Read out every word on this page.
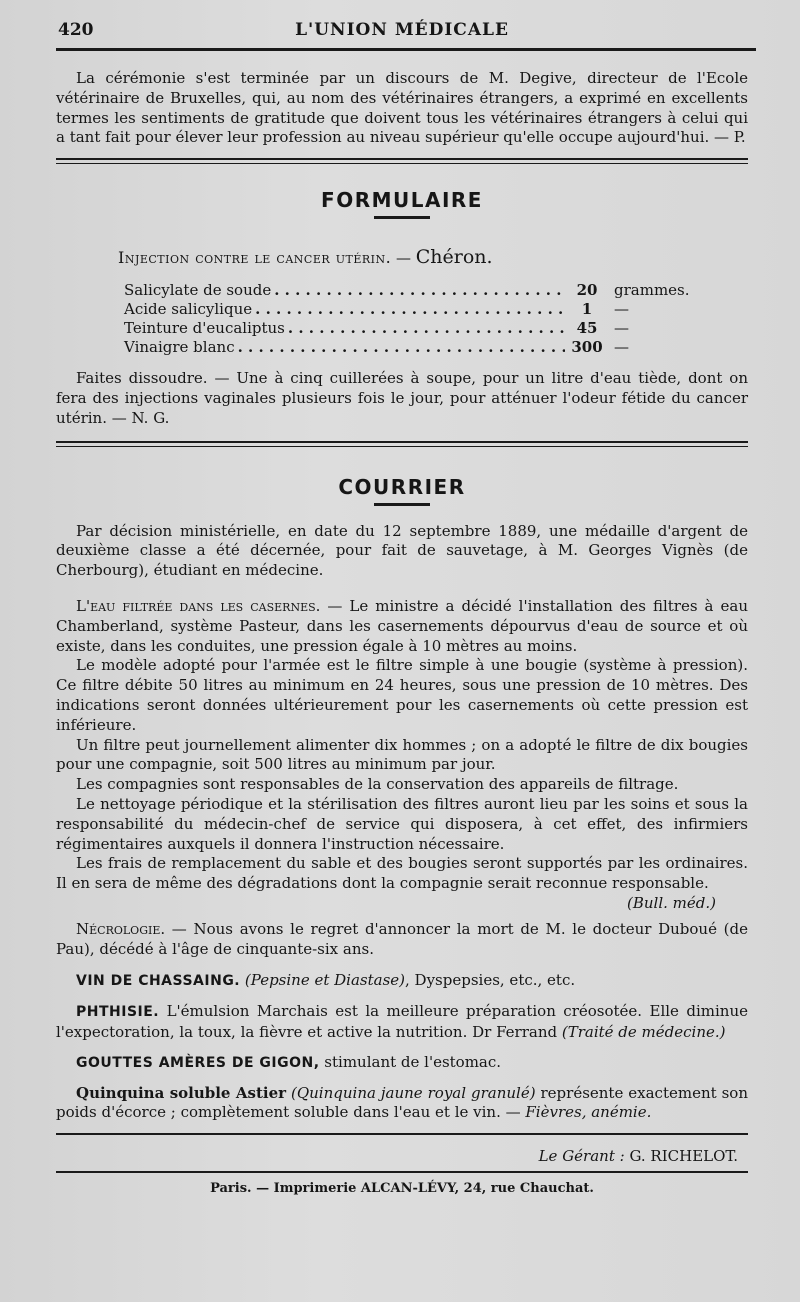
420	L'UNION MÉDICALE

La cérémonie s'est terminée par un discours de M. Degive, directeur de l'Ecole vétérinaire de Bruxelles, qui, au nom des vétérinaires étrangers, a exprimé en excellents termes les sentiments de gratitude que doivent tous les vétérinaires étrangers à celui qui a tant fait pour élever leur profession au niveau supérieur qu'elle occupe aujourd'hui. — P.

FORMULAIRE
Injection contre le cancer utérin. — Chéron.
Salicylate de soude . . .	20	grammes.
Acide salicylique . . .	1	—
Teinture d'eucaliptus . . .	45	—
Vinaigre blanc . . .	300 —

Faites dissoudre. — Une à cinq cuillerées à soupe, pour un litre d'eau tiède, dont on fera des injections vaginales plusieurs fois le jour, pour atténuer l'odeur fétide du cancer utérin. — N. G.

COURRIER

Par décision ministérielle, en date du 12 septembre 1889, une médaille d'argent de deuxième classe a été décernée, pour fait de sauvetage, à M. Georges Vignès (de Cherbourg), étudiant en médecine.

L'eau filtrée dans les casernes. — Le ministre a décidé l'installation des filtres à eau Chamberland, système Pasteur, dans les casernements dépourvus d'eau de source et où existe, dans les conduites, une pression égale à 10 mètres au moins.

Le modèle adopté pour l'armée est le filtre simple à une bougie (système à pression). Ce filtre débite 50 litres au minimum en 24 heures, sous une pression de 10 mètres. Des indications seront données ultérieurement pour les casernements où cette pression est inférieure.

Un filtre peut journellement alimenter dix hommes ; on a adopté le filtre de dix bougies pour une compagnie, soit 500 litres au minimum par jour.

Les compagnies sont responsables de la conservation des appareils de filtrage.

Le nettoyage périodique et la stérilisation des filtres auront lieu par les soins et sous la responsabilité du médecin-chef de service qui disposera, à cet effet, des infirmiers régimentaires auxquels il donnera l'instruction nécessaire.

Les frais de remplacement du sable et des bougies seront supportés par les ordinaires. Il en sera de même des dégradations dont la compagnie serait reconnue responsable.

(Bull. méd.)

Nécrologie. — Nous avons le regret d'annoncer la mort de M. le docteur Duboué (de Pau), décédé à l'âge de cinquante-six ans.

VIN DE CHASSAING. (Pepsine et Diastase), Dyspepsies, etc., etc.

PHTHISIE. L'émulsion Marchais est la meilleure préparation créosotée. Elle diminue l'expectoration, la toux, la fièvre et active la nutrition. Dr Ferrand (Traité de médecine.)

GOUTTES AMÈRES DE GIGON, stimulant de l'estomac.

Quinquina soluble Astier (Quinquina jaune royal granulé) représente exactement son poids d'écorce ; complètement soluble dans l'eau et le vin. — Fièvres, anémie.

Le Gérant : G. RICHELOT.
Paris. — Imprimerie ALCAN-LÉVY, 24, rue Chauchat.
